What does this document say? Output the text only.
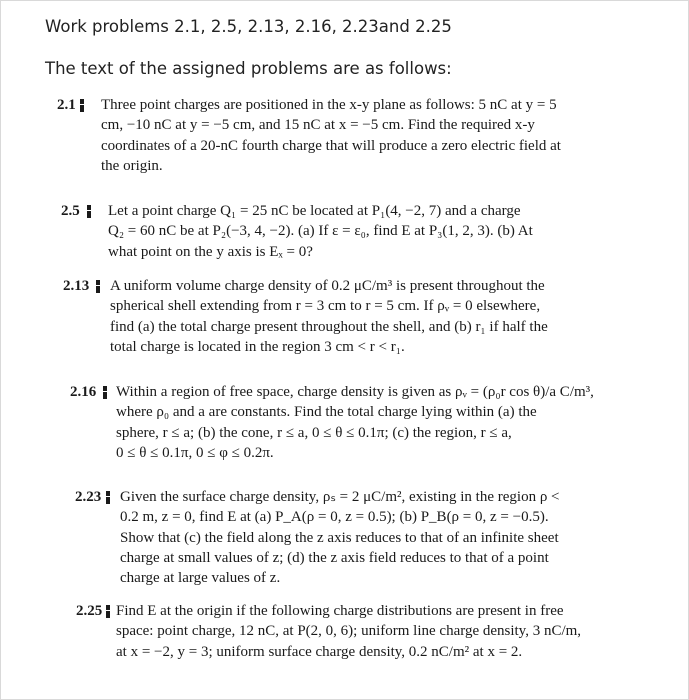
Work problems 2.1, 2.5, 2.13, 2.16, 2.23and 2.25
The text of the assigned problems are as follows:
2.1 Three point charges are positioned in the x-y plane as follows: 5 nC at y = 5
cm, −10 nC at y = −5 cm, and 15 nC at x = −5 cm. Find the required x-y
coordinates of a 20-nC fourth charge that will produce a zero electric field at
the origin.
2.5 Let a point charge Q₁ = 25 nC be located at P₁(4, −2, 7) and a charge
Q₂ = 60 nC be at P₂(−3, 4, −2). (a) If ε = ε₀, find E at P₃(1, 2, 3). (b) At
what point on the y axis is Eₓ = 0?
2.13 A uniform volume charge density of 0.2 μC/m³ is present throughout the
spherical shell extending from r = 3 cm to r = 5 cm. If ρᵥ = 0 elsewhere,
find (a) the total charge present throughout the shell, and (b) r₁ if half the
total charge is located in the region 3 cm < r < r₁.
2.16 Within a region of free space, charge density is given as ρᵥ = (ρ₀r cos θ)/a C/m³,
where ρ₀ and a are constants. Find the total charge lying within (a) the
sphere, r ≤ a; (b) the cone, r ≤ a, 0 ≤ θ ≤ 0.1π; (c) the region, r ≤ a,
0 ≤ θ ≤ 0.1π, 0 ≤ φ ≤ 0.2π.
2.23 Given the surface charge density, ρₛ = 2 μC/m², existing in the region ρ <
0.2 m, z = 0, find E at (a) P_A(ρ = 0, z = 0.5); (b) P_B(ρ = 0, z = −0.5).
Show that (c) the field along the z axis reduces to that of an infinite sheet
charge at small values of z; (d) the z axis field reduces to that of a point
charge at large values of z.
2.25 Find E at the origin if the following charge distributions are present in free
space: point charge, 12 nC, at P(2, 0, 6); uniform line charge density, 3 nC/m,
at x = −2, y = 3; uniform surface charge density, 0.2 nC/m² at x = 2.
